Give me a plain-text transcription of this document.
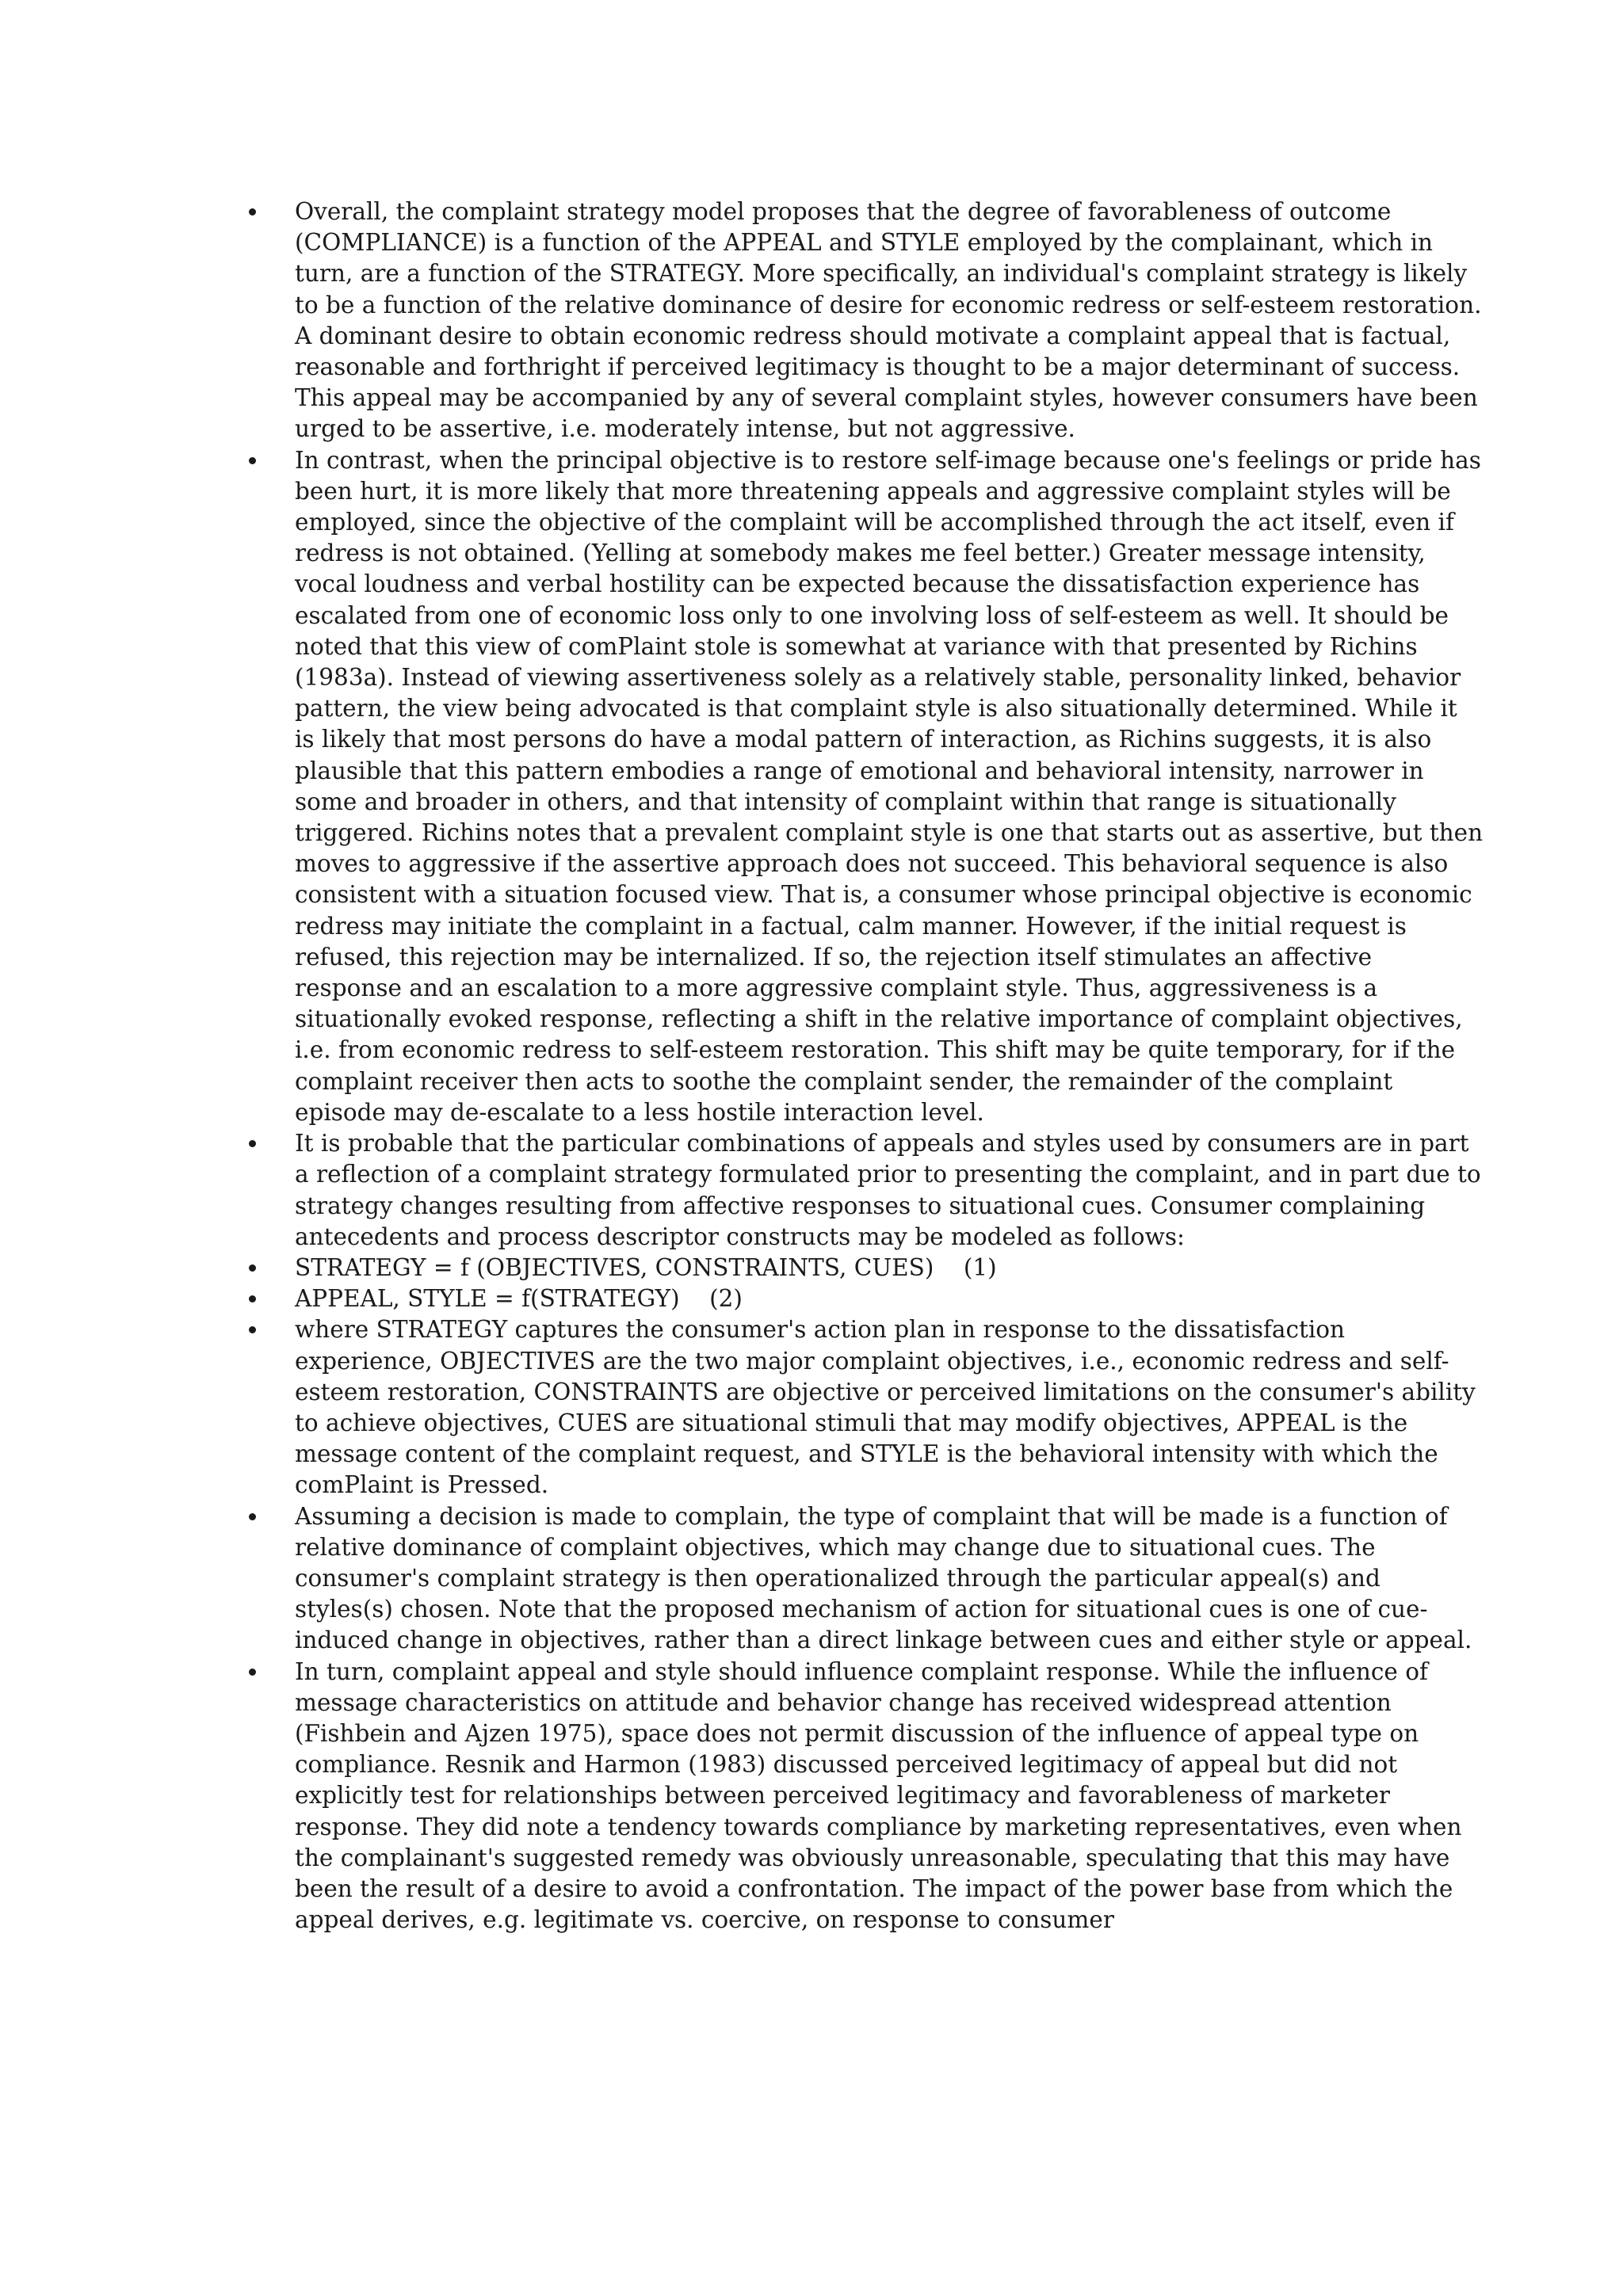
Overall, the complaint strategy model proposes that the degree of favorableness of outcome (COMPLIANCE) is a function of the APPEAL and STYLE employed by the complainant, which in turn, are a function of the STRATEGY. More specifically, an individual's complaint strategy is likely to be a function of the relative dominance of desire for economic redress or self-esteem restoration. A dominant desire to obtain economic redress should motivate a complaint appeal that is factual, reasonable and forthright if perceived legitimacy is thought to be a major determinant of success. This appeal may be accompanied by any of several complaint styles, however consumers have been urged to be assertive, i.e. moderately intense, but not aggressive.
In contrast, when the principal objective is to restore self-image because one's feelings or pride has been hurt, it is more likely that more threatening appeals and aggressive complaint styles will be employed, since the objective of the complaint will be accomplished through the act itself, even if redress is not obtained. (Yelling at somebody makes me feel better.) Greater message intensity, vocal loudness and verbal hostility can be expected because the dissatisfaction experience has escalated from one of economic loss only to one involving loss of self-esteem as well. It should be noted that this view of comPlaint stole is somewhat at variance with that presented by Richins (1983a). Instead of viewing assertiveness solely as a relatively stable, personality linked, behavior pattern, the view being advocated is that complaint style is also situationally determined. While it is likely that most persons do have a modal pattern of interaction, as Richins suggests, it is also plausible that this pattern embodies a range of emotional and behavioral intensity, narrower in some and broader in others, and that intensity of complaint within that range is situationally triggered. Richins notes that a prevalent complaint style is one that starts out as assertive, but then moves to aggressive if the assertive approach does not succeed. This behavioral sequence is also consistent with a situation focused view. That is, a consumer whose principal objective is economic redress may initiate the complaint in a factual, calm manner. However, if the initial request is refused, this rejection may be internalized. If so, the rejection itself stimulates an affective response and an escalation to a more aggressive complaint style. Thus, aggressiveness is a situationally evoked response, reflecting a shift in the relative importance of complaint objectives, i.e. from economic redress to self-esteem restoration. This shift may be quite temporary, for if the complaint receiver then acts to soothe the complaint sender, the remainder of the complaint episode may de-escalate to a less hostile interaction level.
It is probable that the particular combinations of appeals and styles used by consumers are in part a reflection of a complaint strategy formulated prior to presenting the complaint, and in part due to strategy changes resulting from affective responses to situational cues. Consumer complaining antecedents and process descriptor constructs may be modeled as follows:
STRATEGY = f (OBJECTIVES, CONSTRAINTS, CUES)    (1)
APPEAL, STYLE = f(STRATEGY)    (2)
where STRATEGY captures the consumer's action plan in response to the dissatisfaction experience, OBJECTIVES are the two major complaint objectives, i.e., economic redress and self-esteem restoration, CONSTRAINTS are objective or perceived limitations on the consumer's ability to achieve objectives, CUES are situational stimuli that may modify objectives, APPEAL is the message content of the complaint request, and STYLE is the behavioral intensity with which the comPlaint is Pressed.
Assuming a decision is made to complain, the type of complaint that will be made is a function of relative dominance of complaint objectives, which may change due to situational cues. The consumer's complaint strategy is then operationalized through the particular appeal(s) and styles(s) chosen. Note that the proposed mechanism of action for situational cues is one of cue-induced change in objectives, rather than a direct linkage between cues and either style or appeal.
In turn, complaint appeal and style should influence complaint response. While the influence of message characteristics on attitude and behavior change has received widespread attention (Fishbein and Ajzen 1975), space does not permit discussion of the influence of appeal type on compliance. Resnik and Harmon (1983) discussed perceived legitimacy of appeal but did not explicitly test for relationships between perceived legitimacy and favorableness of marketer response. They did note a tendency towards compliance by marketing representatives, even when the complainant's suggested remedy was obviously unreasonable, speculating that this may have been the result of a desire to avoid a confrontation. The impact of the power base from which the appeal derives, e.g. legitimate vs. coercive, on response to consumer
